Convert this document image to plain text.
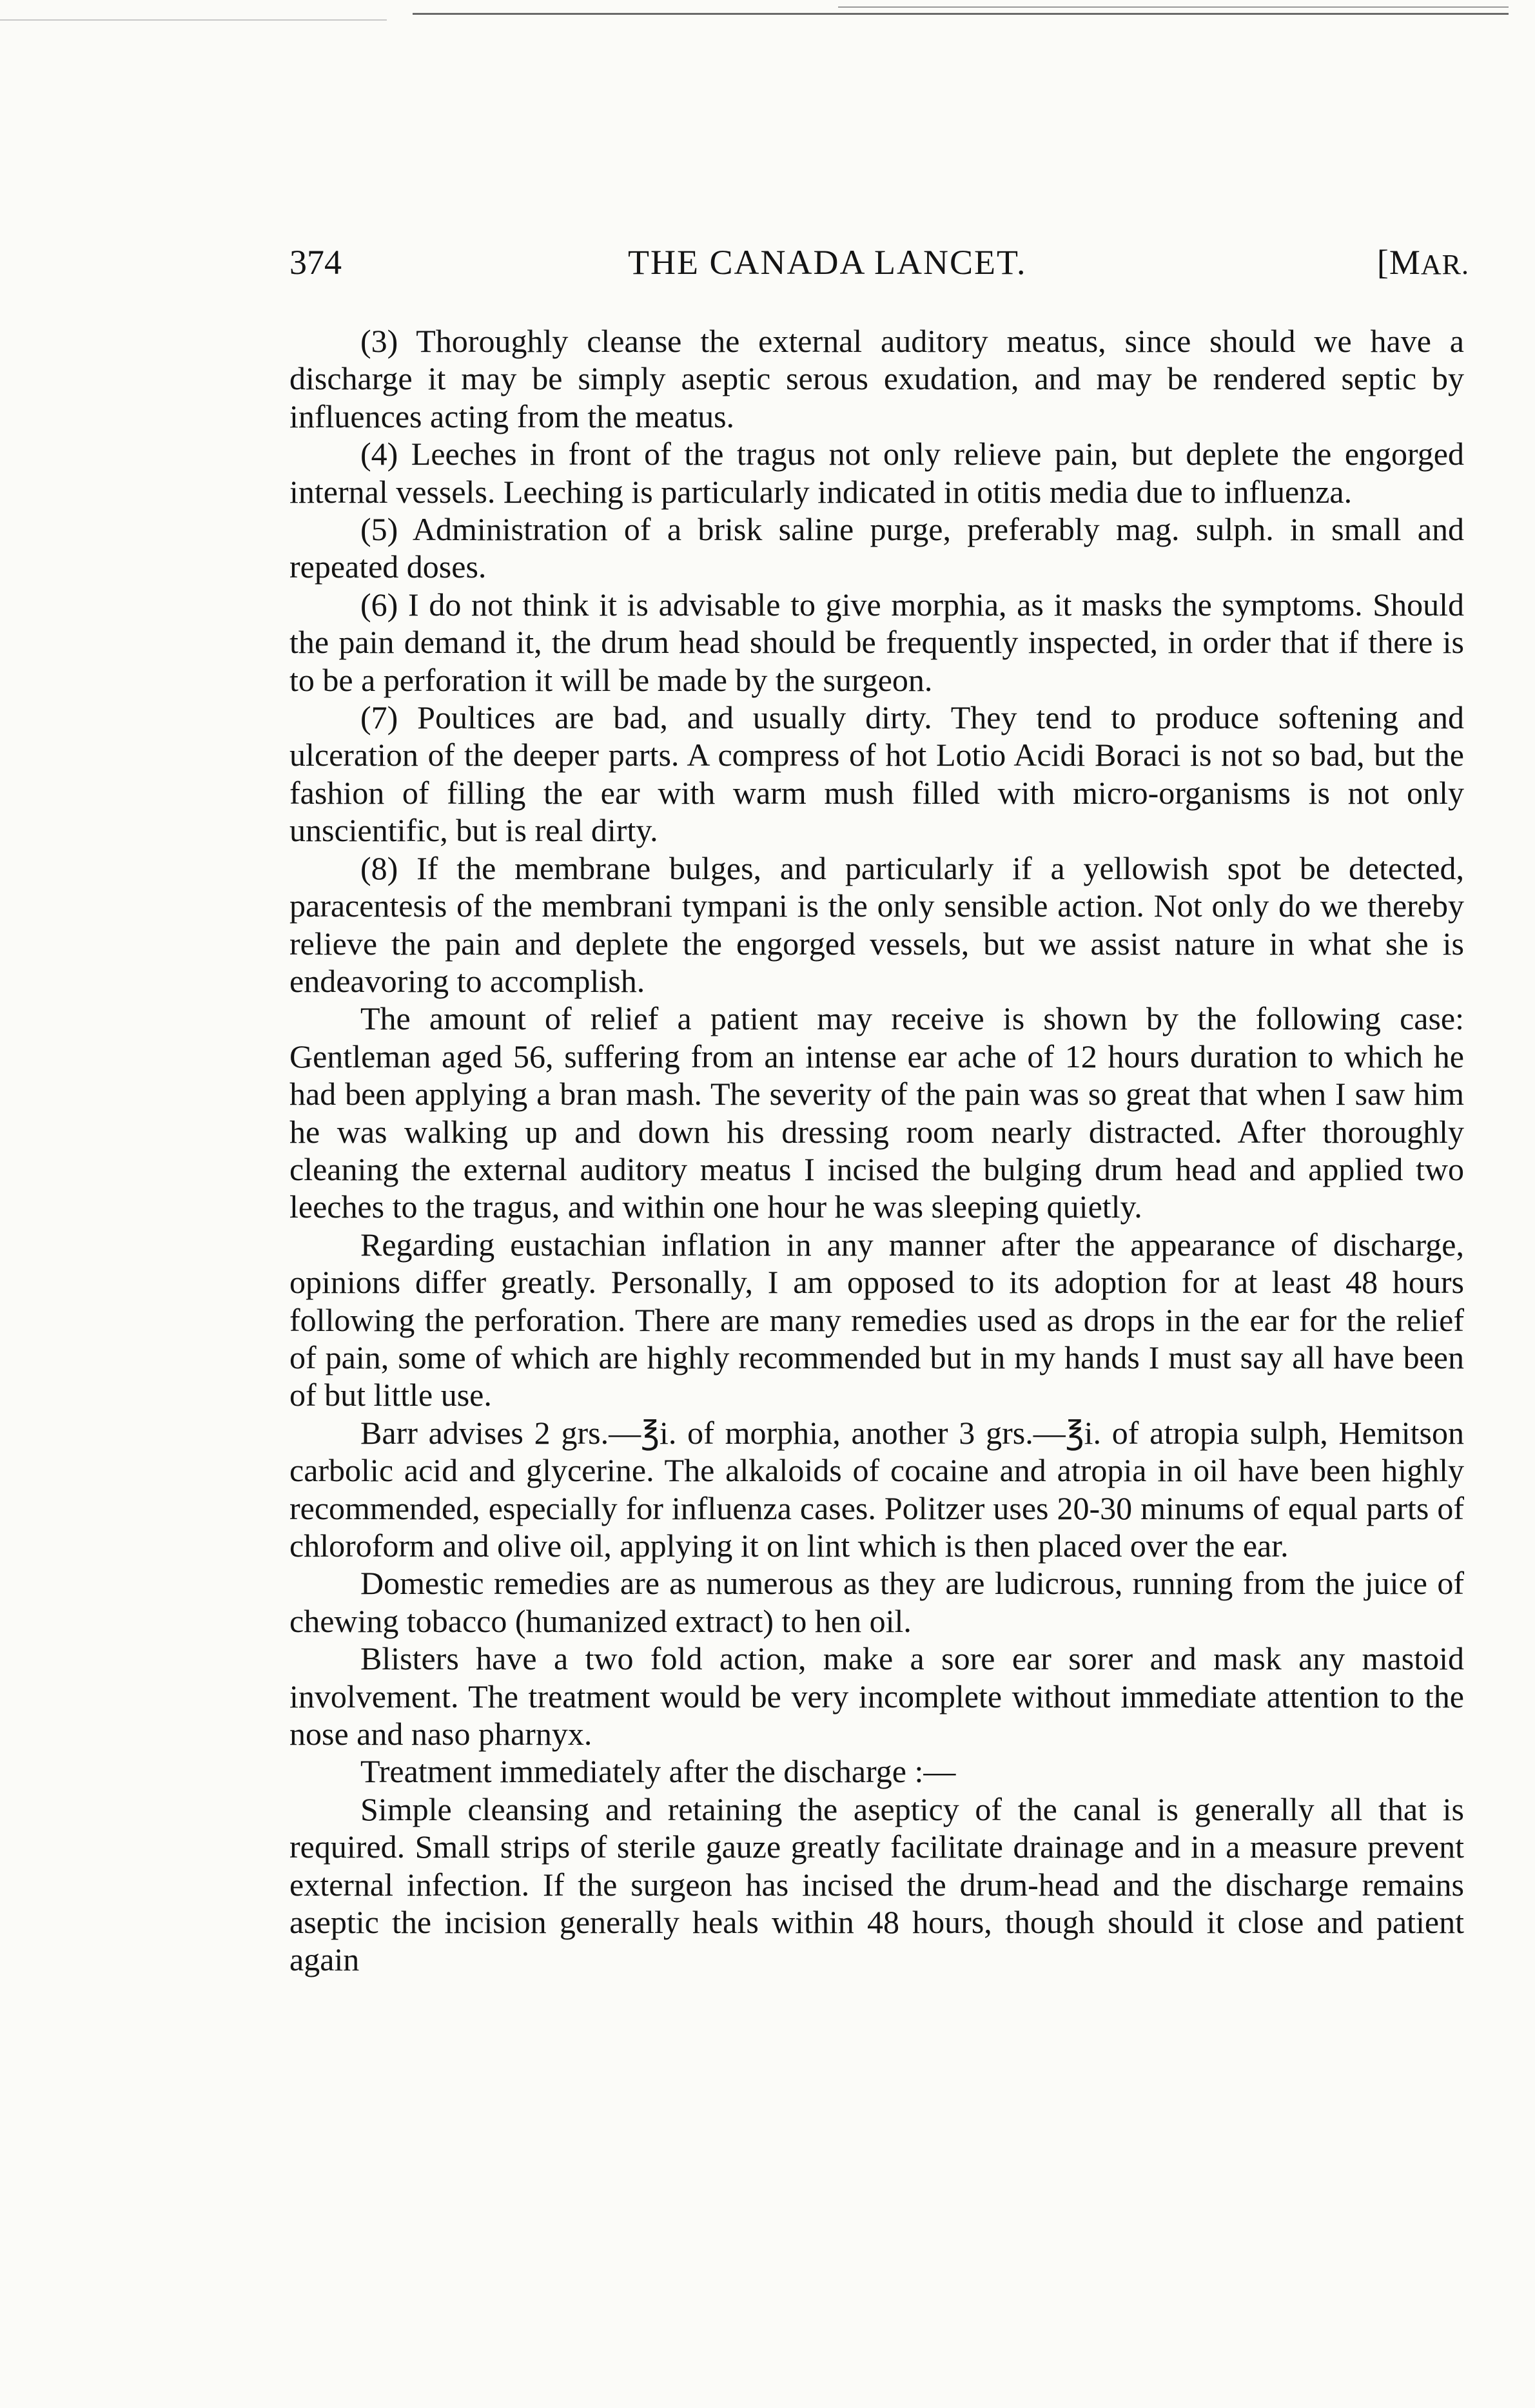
374	THE CANADA LANCET.	[MAR.

(3) Thoroughly cleanse the external auditory meatus, since should we have a discharge it may be simply aseptic serous exudation, and may be rendered septic by influences acting from the meatus.

(4) Leeches in front of the tragus not only relieve pain, but deplete the engorged internal vessels. Leeching is particularly indicated in otitis media due to influenza.

(5) Administration of a brisk saline purge, preferably mag. sulph. in small and repeated doses.

(6) I do not think it is advisable to give morphia, as it masks the symptoms. Should the pain demand it, the drum head should be frequently inspected, in order that if there is to be a perforation it will be made by the surgeon.

(7) Poultices are bad, and usually dirty. They tend to produce softening and ulceration of the deeper parts. A compress of hot Lotio Acidi Boraci is not so bad, but the fashion of filling the ear with warm mush filled with micro-organisms is not only unscientific, but is real dirty.

(8) If the membrane bulges, and particularly if a yellowish spot be detected, paracentesis of the membrani tympani is the only sensible action. Not only do we thereby relieve the pain and deplete the engorged vessels, but we assist nature in what she is endeavoring to accomplish.

The amount of relief a patient may receive is shown by the following case: Gentleman aged 56, suffering from an intense ear ache of 12 hours duration to which he had been applying a bran mash. The severity of the pain was so great that when I saw him he was walking up and down his dressing room nearly distracted. After thoroughly cleaning the external auditory meatus I incised the bulging drum head and applied two leeches to the tragus, and within one hour he was sleeping quietly.

Regarding eustachian inflation in any manner after the appearance of discharge, opinions differ greatly. Personally, I am opposed to its adoption for at least 48 hours following the perforation. There are many remedies used as drops in the ear for the relief of pain, some of which are highly recommended but in my hands I must say all have been of but little use.

Barr advises 2 grs.—℥i. of morphia, another 3 grs.—℥i. of atropia sulph, Hemitson carbolic acid and glycerine. The alkaloids of cocaine and atropia in oil have been highly recommended, especially for influenza cases. Politzer uses 20-30 minums of equal parts of chloroform and olive oil, applying it on lint which is then placed over the ear.

Domestic remedies are as numerous as they are ludicrous, running from the juice of chewing tobacco (humanized extract) to hen oil.

Blisters have a two fold action, make a sore ear sorer and mask any mastoid involvement. The treatment would be very incomplete without immediate attention to the nose and naso pharnyx.

Treatment immediately after the discharge :—

Simple cleansing and retaining the asepticy of the canal is generally all that is required. Small strips of sterile gauze greatly facilitate drainage and in a measure prevent external infection. If the surgeon has incised the drum-head and the discharge remains aseptic the incision generally heals within 48 hours, though should it close and patient again
